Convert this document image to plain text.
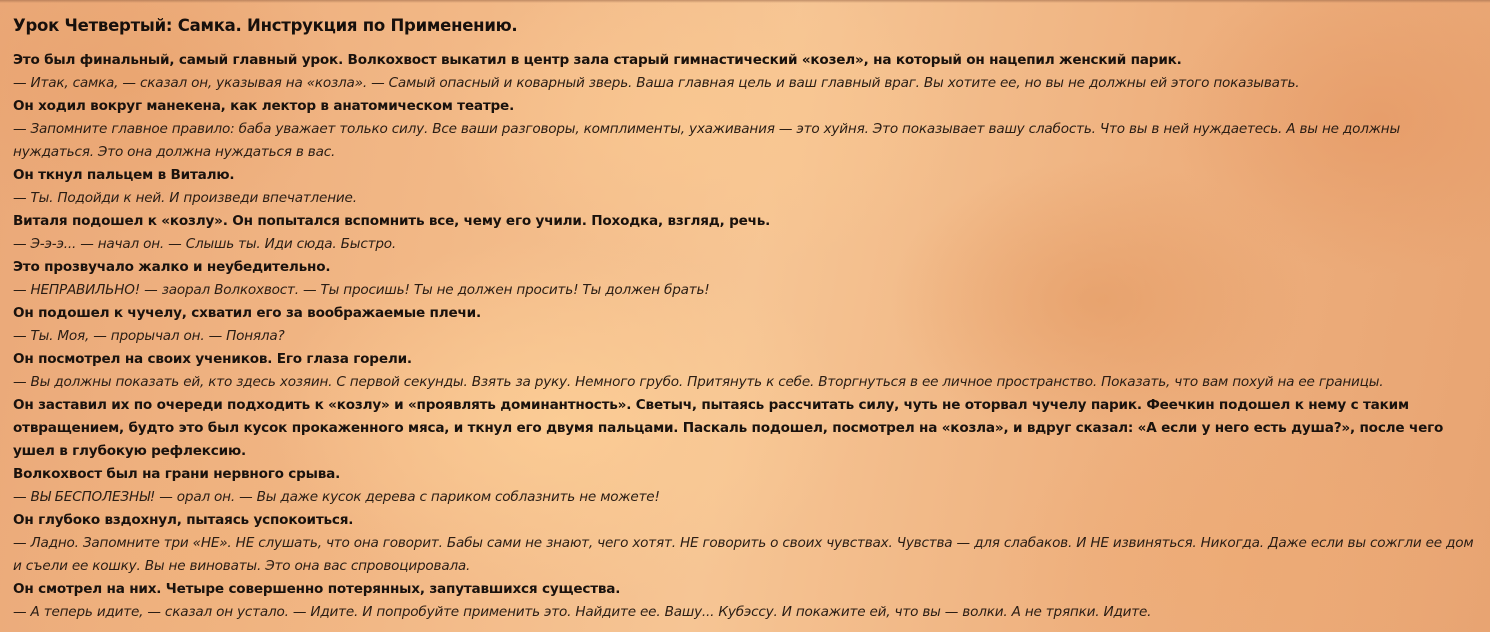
Урок Четвертый: Самка. Инструкция по Применению.

Это был финальный, самый главный урок. Волкохвост выкатил в центр зала старый гимнастический «козел», на который он нацепил женский парик.

— Итак, самка, — сказал он, указывая на «козла». — Самый опасный и коварный зверь. Ваша главная цель и ваш главный враг. Вы хотите ее, но вы не должны ей этого показывать.

Он ходил вокруг манекена, как лектор в анатомическом театре.

— Запомните главное правило: баба уважает только силу. Все ваши разговоры, комплименты, ухаживания — это хуйня. Это показывает вашу слабость. Что вы в ней нуждаетесь. А вы не должны нуждаться. Это она должна нуждаться в вас.

Он ткнул пальцем в Виталю.

— Ты. Подойди к ней. И произведи впечатление.

Виталя подошел к «козлу». Он попытался вспомнить все, чему его учили. Походка, взгляд, речь.

— Э-э-э... — начал он. — Слышь ты. Иди сюда. Быстро.

Это прозвучало жалко и неубедительно.

— НЕПРАВИЛЬНО! — заорал Волкохвост. — Ты просишь! Ты не должен просить! Ты должен брать!

Он подошел к чучелу, схватил его за воображаемые плечи.

— Ты. Моя, — прорычал он. — Поняла?

Он посмотрел на своих учеников. Его глаза горели.

— Вы должны показать ей, кто здесь хозяин. С первой секунды. Взять за руку. Немного грубо. Притянуть к себе. Вторгнуться в ее личное пространство. Показать, что вам похуй на ее границы.

Он заставил их по очереди подходить к «козлу» и «проявлять доминантность». Светыч, пытаясь рассчитать силу, чуть не оторвал чучелу парик. Феечкин подошел к нему с таким отвращением, будто это был кусок прокаженного мяса, и ткнул его двумя пальцами. Паскаль подошел, посмотрел на «козла», и вдруг сказал: «А если у него есть душа?», после чего ушел в глубокую рефлексию.

Волкохвост был на грани нервного срыва.

— ВЫ БЕСПОЛЕЗНЫ! — орал он. — Вы даже кусок дерева с париком соблазнить не можете!

Он глубоко вздохнул, пытаясь успокоиться.

— Ладно. Запомните три «НЕ». НЕ слушать, что она говорит. Бабы сами не знают, чего хотят. НЕ говорить о своих чувствах. Чувства — для слабаков. И НЕ извиняться. Никогда. Даже если вы сожгли ее дом и съели ее кошку. Вы не виноваты. Это она вас спровоцировала.

Он смотрел на них. Четыре совершенно потерянных, запутавшихся существа.

— А теперь идите, — сказал он устало. — Идите. И попробуйте применить это. Найдите ее. Вашу... Кубэссу. И покажите ей, что вы — волки. А не тряпки. Идите.
